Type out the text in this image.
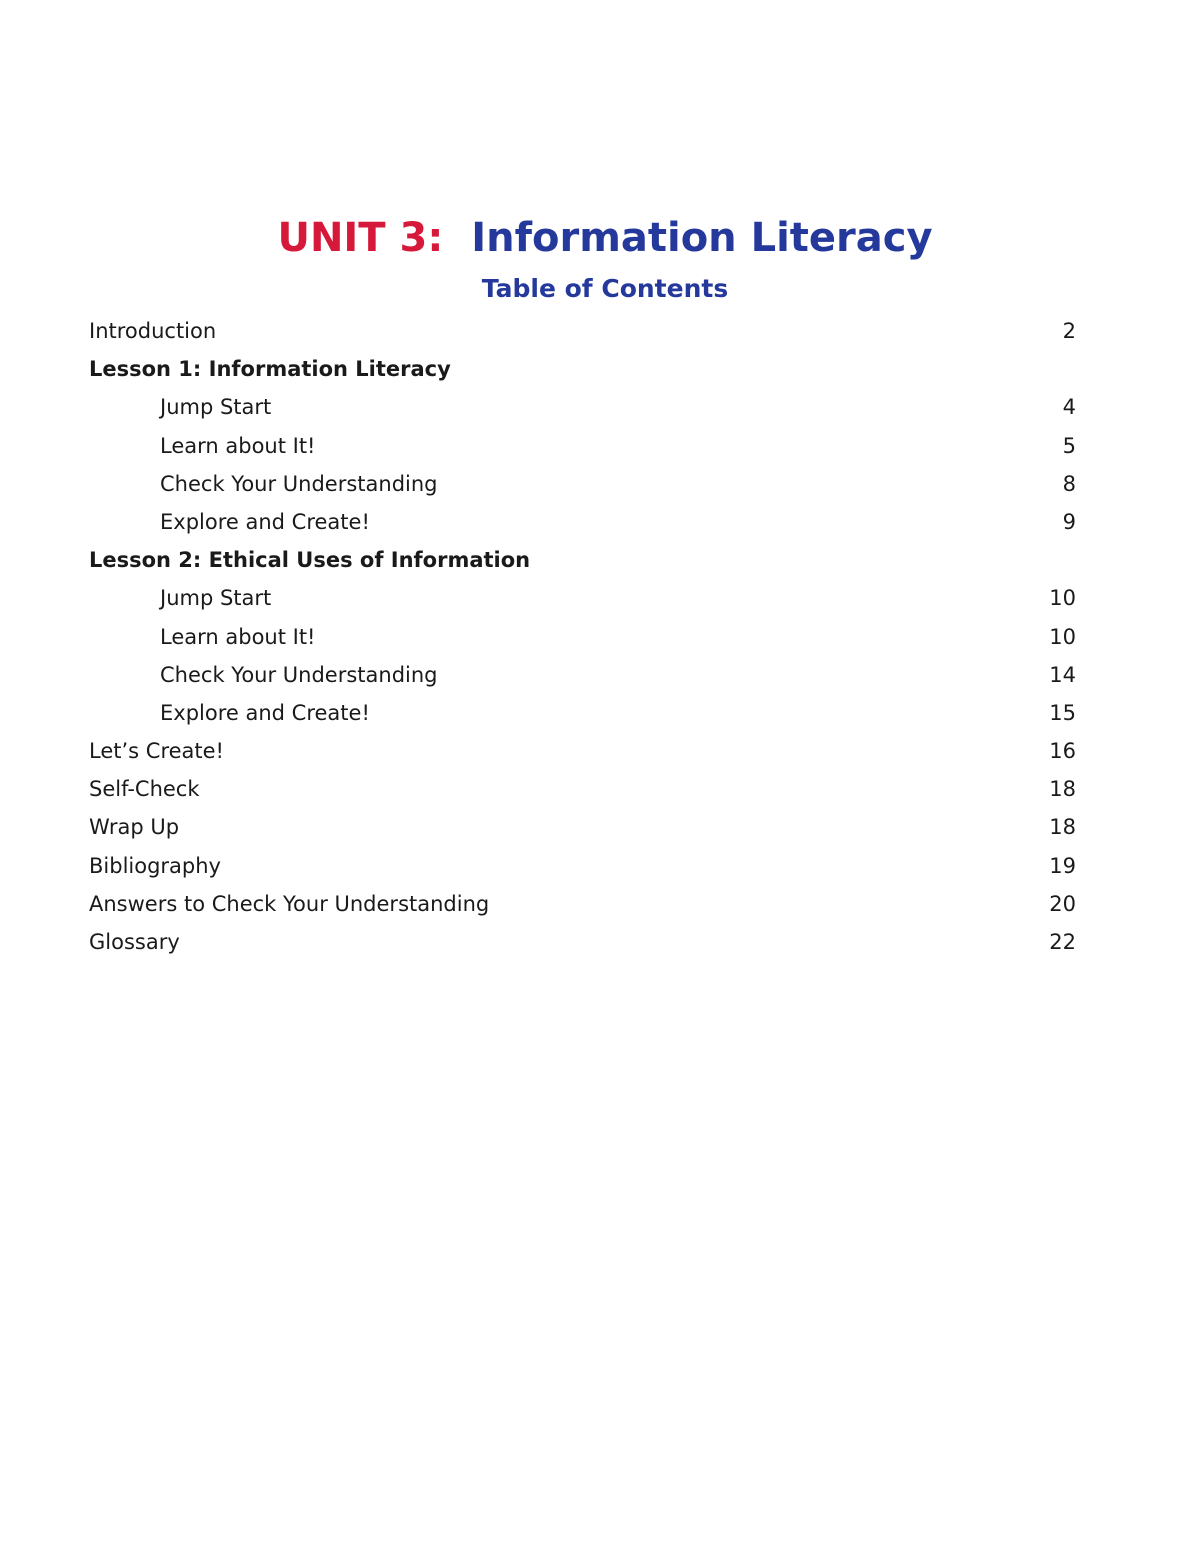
UNIT 3: Information Literacy
Table of Contents
Introduction	2
Lesson 1: Information Literacy
Jump Start	4
Learn about It!	5
Check Your Understanding	8
Explore and Create!	9
Lesson 2: Ethical Uses of Information
Jump Start	10
Learn about It!	10
Check Your Understanding	14
Explore and Create!	15
Let’s Create!	16
Self-Check	18
Wrap Up	18
Bibliography	19
Answers to Check Your Understanding	20
Glossary	22
